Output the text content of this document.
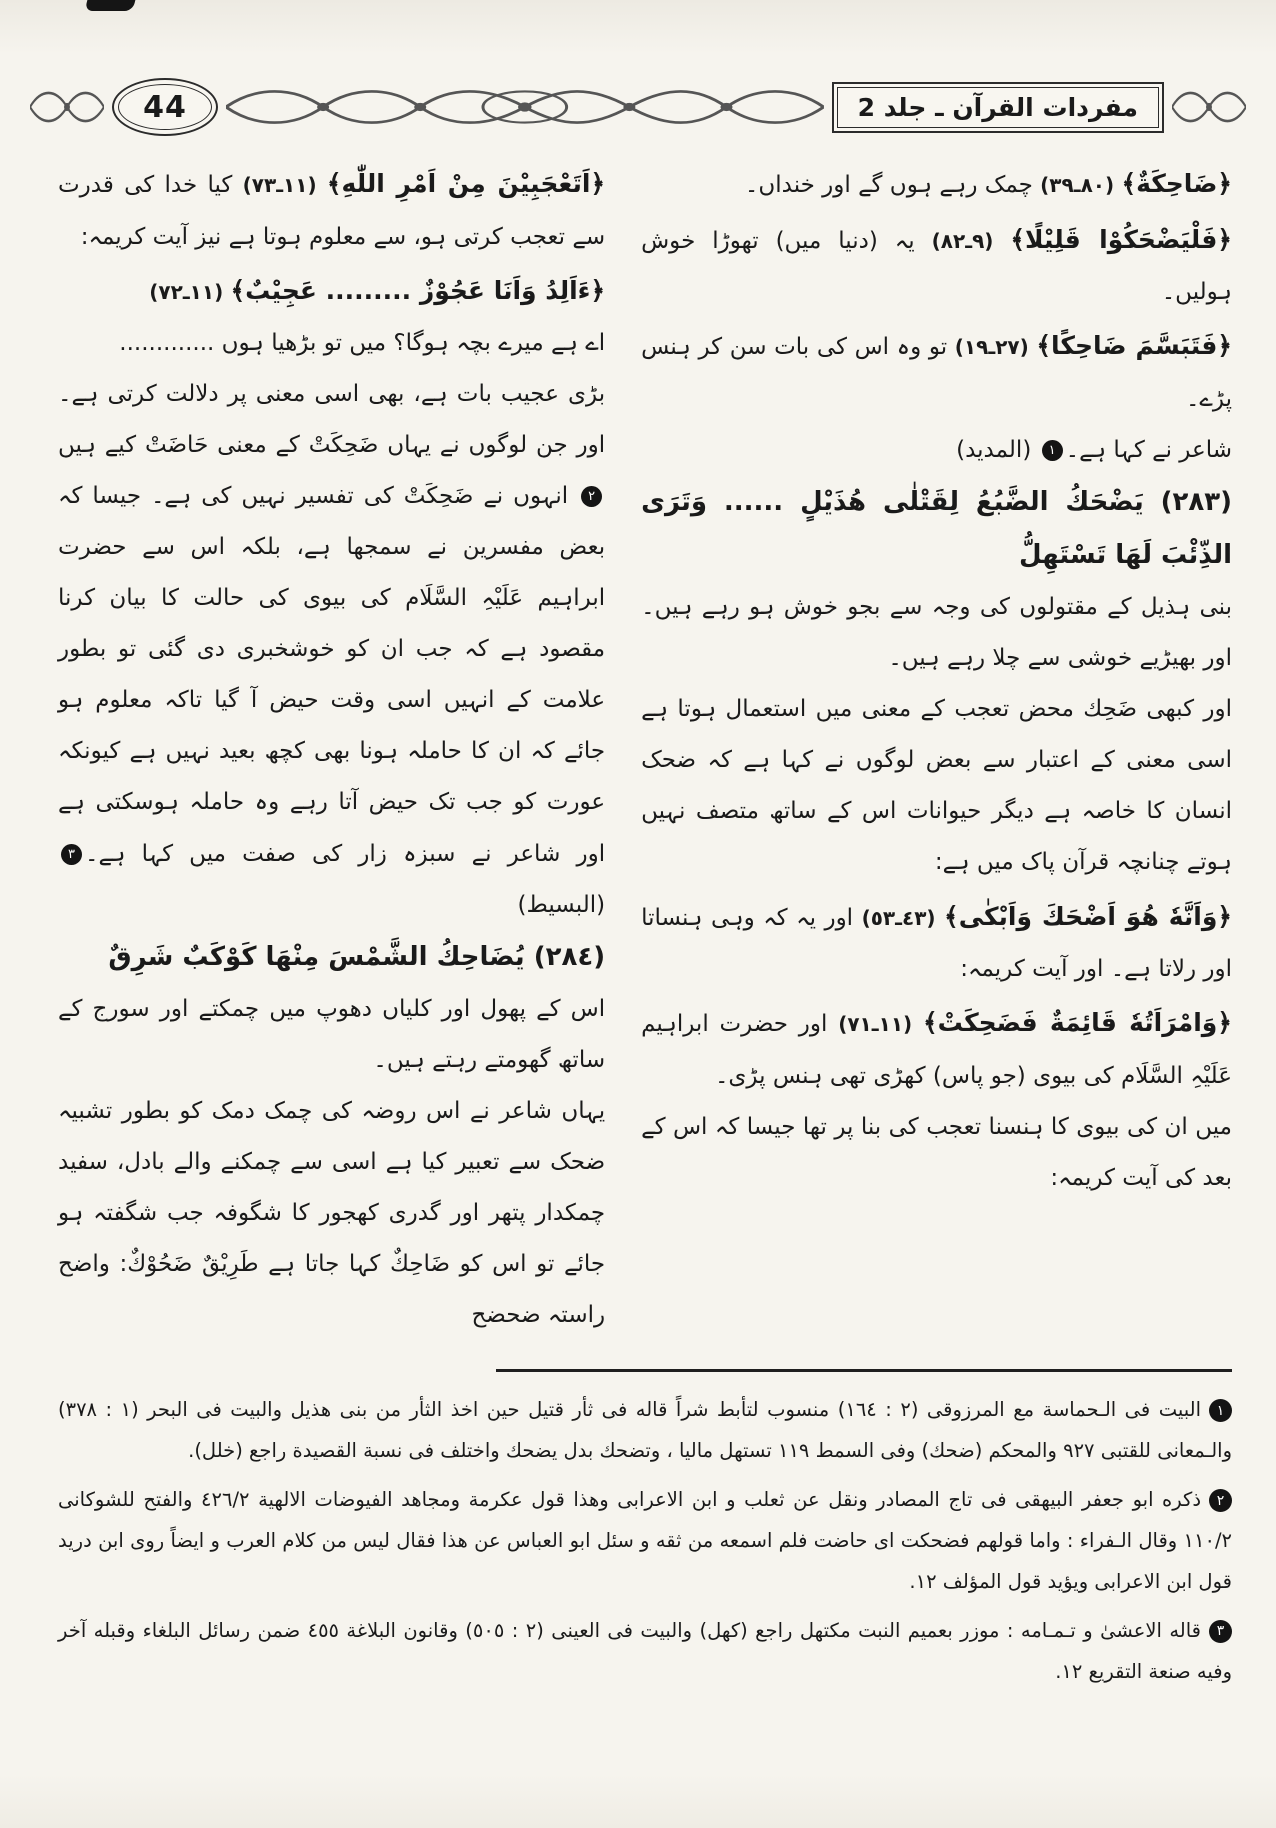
44	مفردات القرآن ـ جلد 2

﴿ضَاحِكَةٌ﴾ (٨٠ـ٣٩) چمک رہے ہوں گے اور خنداں۔

﴿فَلْيَضْحَكُوْا قَلِيْلًا﴾ (٩ـ٨٢) یہ (دنیا میں) تھوڑا خوش ہولیں۔

﴿فَتَبَسَّمَ ضَاحِكًا﴾ (٢٧ـ١٩) تو وہ اس کی بات سن کر ہنس پڑے۔

شاعر نے کہا ہے۔١ (المدید)

(٢٨٣) يَضْحَكُ الضَّبُعُ لِقَتْلٰى هُذَيْلٍ ...... وَتَرَى الذِّئْبَ لَهَا تَسْتَهِلُّ

بنی ہذیل کے مقتولوں کی وجہ سے بجو خوش ہو رہے ہیں۔ اور بھیڑیے خوشی سے چلا رہے ہیں۔

اور کبھی ضَحِك محض تعجب کے معنی میں استعمال ہوتا ہے اسی معنی کے اعتبار سے بعض لوگوں نے کہا ہے کہ ضحک انسان کا خاصہ ہے دیگر حیوانات اس کے ساتھ متصف نہیں ہوتے چنانچہ قرآن پاک میں ہے:

﴿وَاَنَّهٗ هُوَ اَضْحَكَ وَاَبْكٰى﴾ (٤٣ـ٥٣) اور یہ کہ وہی ہنساتا اور رلاتا ہے۔ اور آیت کریمہ:

﴿وَامْرَاَتُهٗ قَائِمَةٌ فَضَحِكَتْ﴾ (١١ـ٧١) اور حضرت ابراہیم عَلَیْہِ السَّلَام کی بیوی (جو پاس) کھڑی تھی ہنس پڑی۔

میں ان کی بیوی کا ہنسنا تعجب کی بنا پر تھا جیسا کہ اس کے بعد کی آیت کریمہ:

﴿اَتَعْجَبِيْنَ مِنْ اَمْرِ اللّٰهِ﴾ (١١ـ٧٣) کیا خدا کی قدرت سے تعجب کرتی ہو، سے معلوم ہوتا ہے نیز آیت کریمہ:

﴿ءَاَلِدُ وَاَنَا عَجُوْزٌ ......... عَجِيْبٌ﴾ (١١ـ٧٢)

اے ہے میرے بچہ ہوگا؟ میں تو بڑھیا ہوں .............

بڑی عجیب بات ہے، بھی اسی معنی پر دلالت کرتی ہے۔ اور جن لوگوں نے یہاں ضَحِکَتْ کے معنی حَاضَتْ کیے ہیں٢ انہوں نے ضَحِکَتْ کی تفسیر نہیں کی ہے۔ جیسا کہ بعض مفسرین نے سمجھا ہے، بلکہ اس سے حضرت ابراہیم عَلَیْہِ السَّلَام کی بیوی کی حالت کا بیان کرنا مقصود ہے کہ جب ان کو خوشخبری دی گئی تو بطور علامت کے انہیں اسی وقت حیض آ گیا تاکہ معلوم ہو جائے کہ ان کا حاملہ ہونا بھی کچھ بعید نہیں ہے کیونکہ عورت کو جب تک حیض آتا رہے وہ حاملہ ہوسکتی ہے اور شاعر نے سبزہ زار کی صفت میں کہا ہے۔٣ (البسیط)

(٢٨٤) يُضَاحِكُ الشَّمْسَ مِنْهَا كَوْكَبٌ شَرِقٌ

اس کے پھول اور کلیاں دھوپ میں چمکتے اور سورج کے ساتھ گھومتے رہتے ہیں۔

یہاں شاعر نے اس روضہ کی چمک دمک کو بطور تشبیہ ضحک سے تعبیر کیا ہے اسی سے چمکنے والے بادل، سفید چمکدار پتھر اور گدری کھجور کا شگوفہ جب شگفتہ ہو جائے تو اس کو ضَاحِكٌ کہا جاتا ہے طَرِيْقٌ ضَحُوْكٌ: واضح راستہ ضحضح

١البیت فی الـحماسة مع المرزوقی (٢ : ١٦٤) منسوب لتأبط شراً قاله فی ثأر قتيل حين اخذ الثأر من بنی هذيل والبيت فی البحر (١ : ٣٧٨) والـمعانی للقتبی ٩٢٧ والمحكم (ضحك) وفی السمط ١١٩ تستهل ماليا ، وتضحك بدل يضحك واختلف فی نسبة القصيدة راجع (خلل).

٢ذكره ابو جعفر البيهقی فی تاج المصادر ونقل عن ثعلب و ابن الاعرابی وهذا قول عكرمة ومجاهد الفيوضات الالهية ٤٢٦/٢ والفتح للشوكانی ١١٠/٢ وقال الـفراء : واما قولهم فضحكت ای حاضت فلم اسمعه من ثقه و سئل ابو العباس عن هذا فقال ليس من كلام العرب و ايضاً روى ابن دريد قول ابن الاعرابی ويؤيد قول المؤلف ١٢.

٣قاله الاعشىٰ و تـمـامه : موزر بعميم النبت مكتهل راجع (كهل) والبيت فی العينی (٢ : ٥٠٥) وقانون البلاغة ٤٥٥ ضمن رسائل البلغاء وقبله آخر وفيه صنعة التقريع ١٢.
